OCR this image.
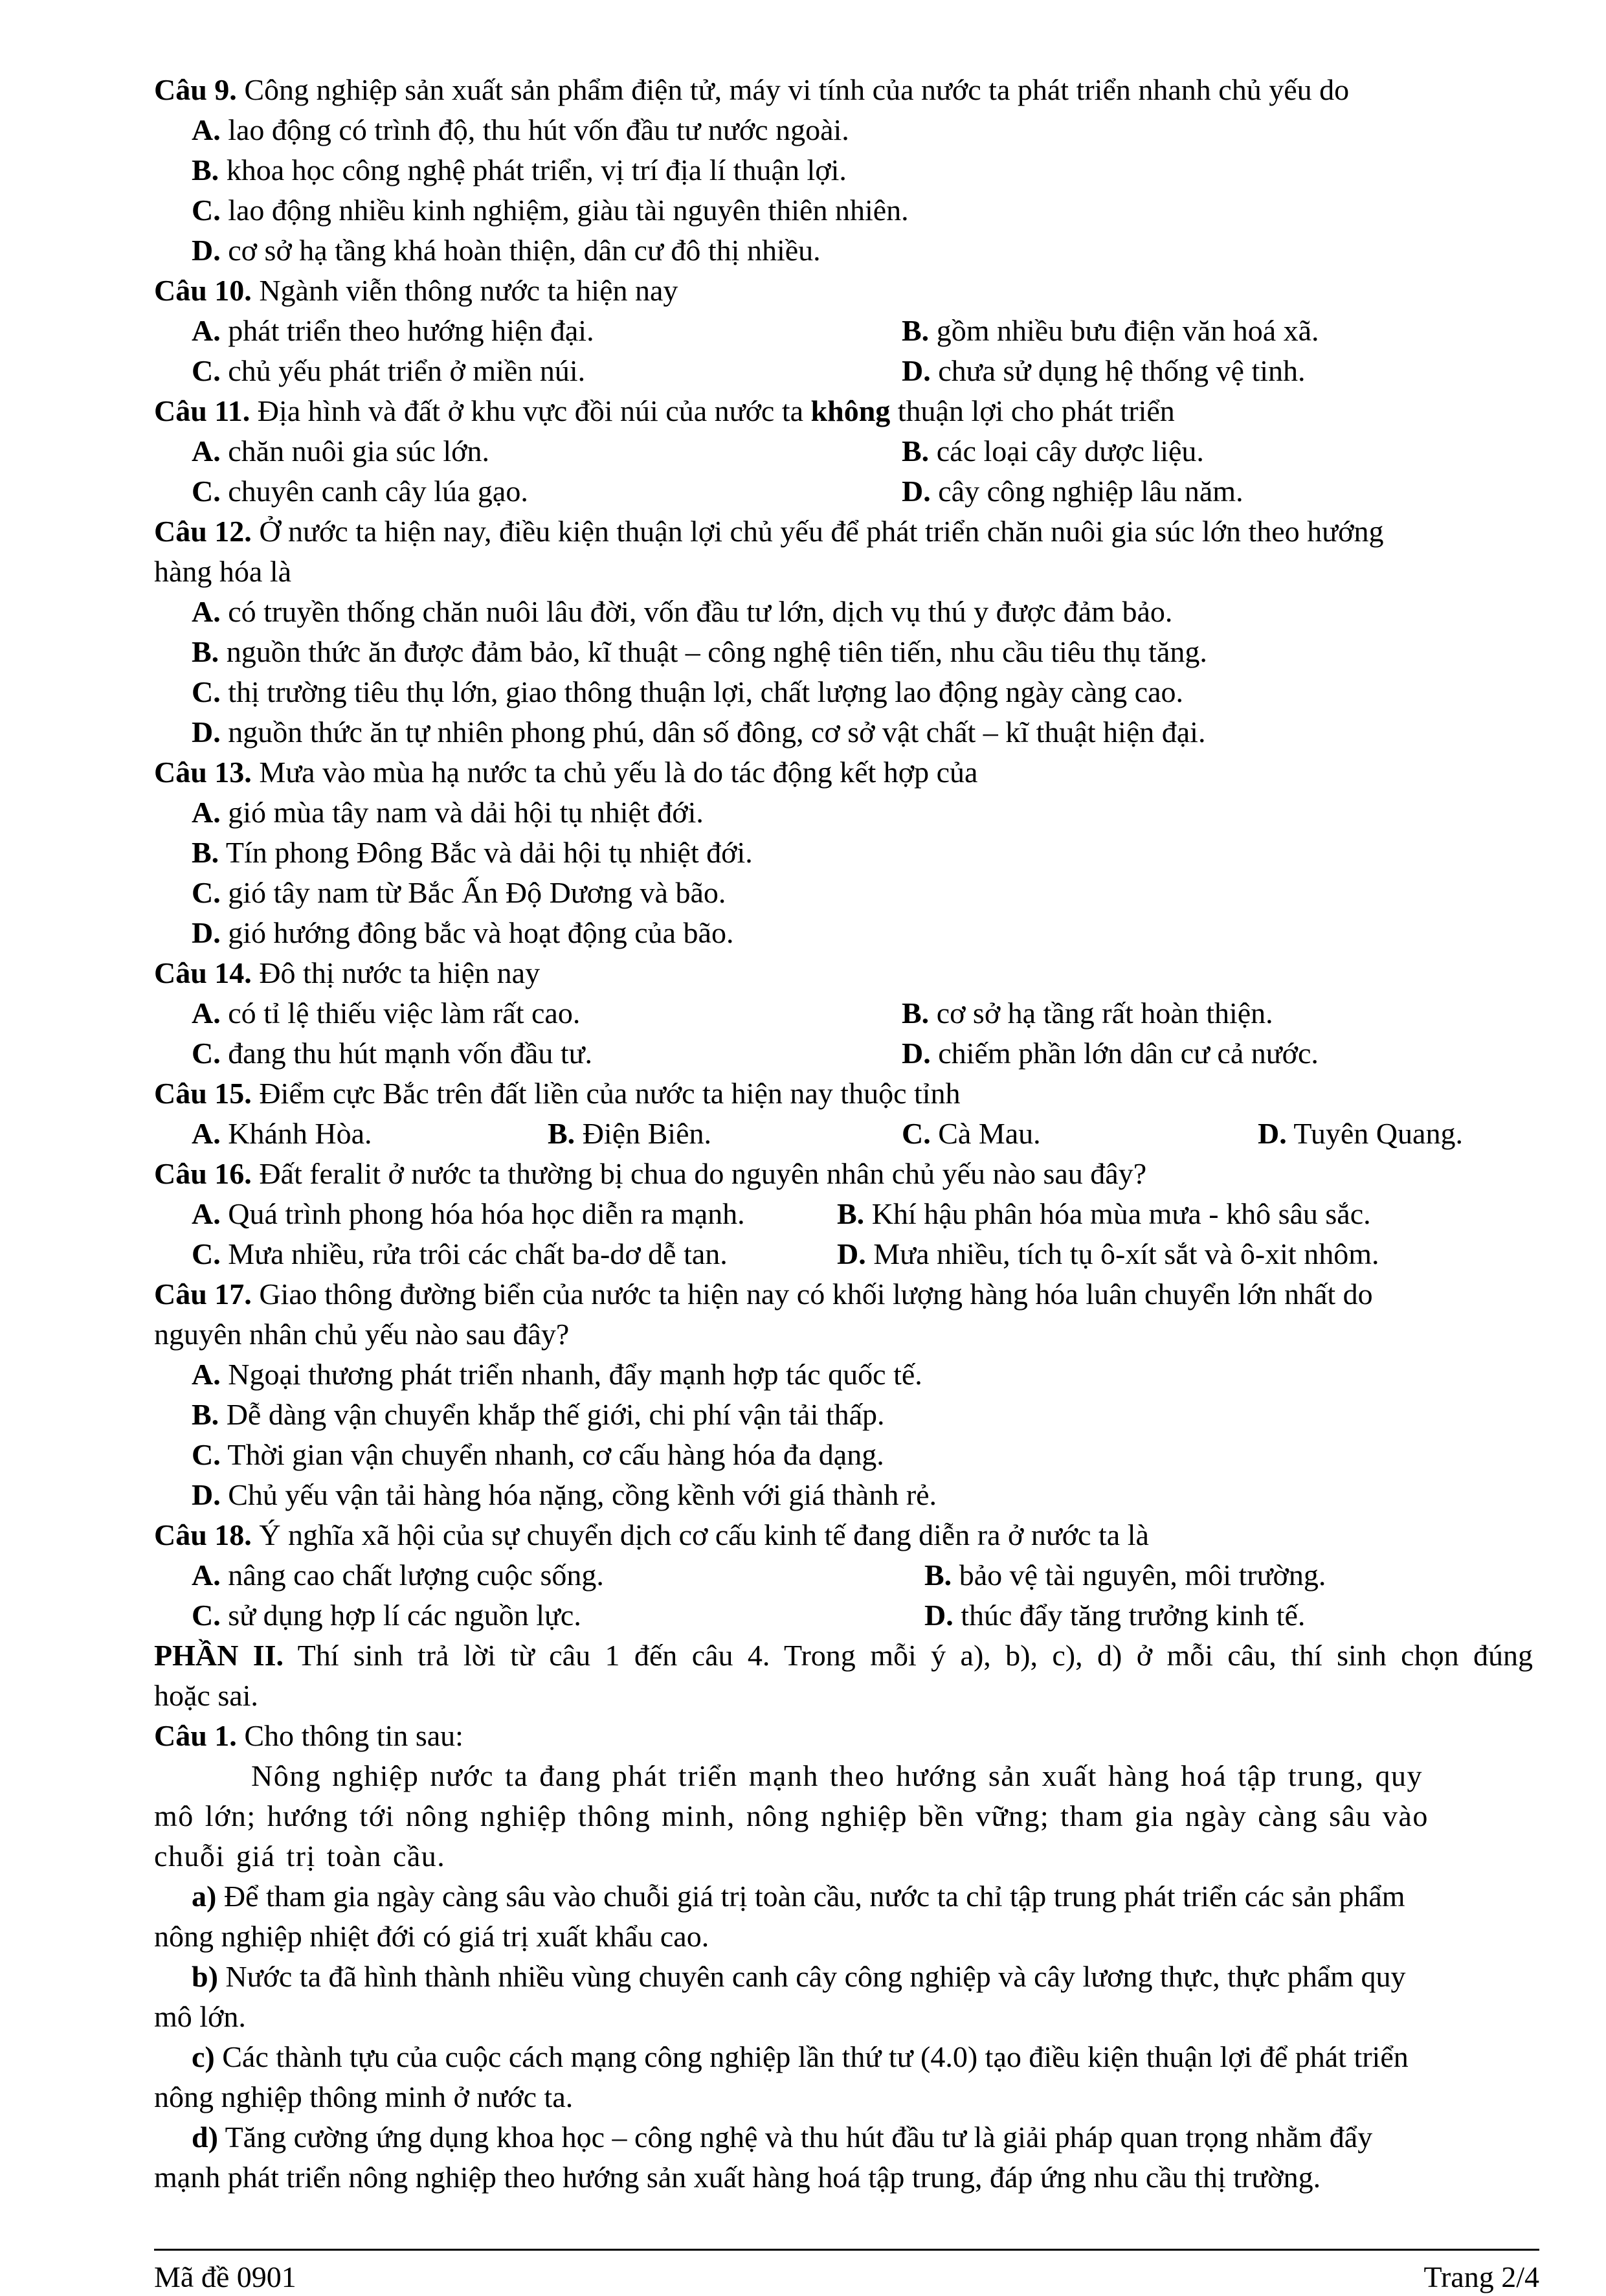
Câu 9. Công nghiệp sản xuất sản phẩm điện tử, máy vi tính của nước ta phát triển nhanh chủ yếu do
A. lao động có trình độ, thu hút vốn đầu tư nước ngoài.
B. khoa học công nghệ phát triển, vị trí địa lí thuận lợi.
C. lao động nhiều kinh nghiệm, giàu tài nguyên thiên nhiên.
D. cơ sở hạ tầng khá hoàn thiện, dân cư đô thị nhiều.
Câu 10. Ngành viễn thông nước ta hiện nay
A. phát triển theo hướng hiện đại.	B. gồm nhiều bưu điện văn hoá xã.
C. chủ yếu phát triển ở miền núi.	D. chưa sử dụng hệ thống vệ tinh.
Câu 11. Địa hình và đất ở khu vực đồi núi của nước ta không thuận lợi cho phát triển
A. chăn nuôi gia súc lớn.	B. các loại cây dược liệu.
C. chuyên canh cây lúa gạo.	D. cây công nghiệp lâu năm.
Câu 12. Ở nước ta hiện nay, điều kiện thuận lợi chủ yếu để phát triển chăn nuôi gia súc lớn theo hướng
hàng hóa là
A. có truyền thống chăn nuôi lâu đời, vốn đầu tư lớn, dịch vụ thú y được đảm bảo.
B. nguồn thức ăn được đảm bảo, kĩ thuật – công nghệ tiên tiến, nhu cầu tiêu thụ tăng.
C. thị trường tiêu thụ lớn, giao thông thuận lợi, chất lượng lao động ngày càng cao.
D. nguồn thức ăn tự nhiên phong phú, dân số đông, cơ sở vật chất – kĩ thuật hiện đại.
Câu 13. Mưa vào mùa hạ nước ta chủ yếu là do tác động kết hợp của
A. gió mùa tây nam và dải hội tụ nhiệt đới.
B. Tín phong Đông Bắc và dải hội tụ nhiệt đới.
C. gió tây nam từ Bắc Ấn Độ Dương và bão.
D. gió hướng đông bắc và hoạt động của bão.
Câu 14. Đô thị nước ta hiện nay
A. có tỉ lệ thiếu việc làm rất cao.	B. cơ sở hạ tầng rất hoàn thiện.
C. đang thu hút mạnh vốn đầu tư.	D. chiếm phần lớn dân cư cả nước.
Câu 15. Điểm cực Bắc trên đất liền của nước ta hiện nay thuộc tỉnh
A. Khánh Hòa.	B. Điện Biên.	C. Cà Mau.	D. Tuyên Quang.
Câu 16. Đất feralit ở nước ta thường bị chua do nguyên nhân chủ yếu nào sau đây?
A. Quá trình phong hóa hóa học diễn ra mạnh.	B. Khí hậu phân hóa mùa mưa - khô sâu sắc.
C. Mưa nhiều, rửa trôi các chất ba-dơ dễ tan.	D. Mưa nhiều, tích tụ ô-xít sắt và ô-xit nhôm.
Câu 17. Giao thông đường biển của nước ta hiện nay có khối lượng hàng hóa luân chuyển lớn nhất do
nguyên nhân chủ yếu nào sau đây?
A. Ngoại thương phát triển nhanh, đẩy mạnh hợp tác quốc tế.
B. Dễ dàng vận chuyển khắp thế giới, chi phí vận tải thấp.
C. Thời gian vận chuyển nhanh, cơ cấu hàng hóa đa dạng.
D. Chủ yếu vận tải hàng hóa nặng, cồng kềnh với giá thành rẻ.
Câu 18. Ý nghĩa xã hội của sự chuyển dịch cơ cấu kinh tế đang diễn ra ở nước ta là
A. nâng cao chất lượng cuộc sống.	B. bảo vệ tài nguyên, môi trường.
C. sử dụng hợp lí các nguồn lực.	D. thúc đẩy tăng trưởng kinh tế.
PHẦN II. Thí sinh trả lời từ câu 1 đến câu 4. Trong mỗi ý a), b), c), d) ở mỗi câu, thí sinh chọn đúng
hoặc sai.
Câu 1. Cho thông tin sau:
Nông nghiệp nước ta đang phát triển mạnh theo hướng sản xuất hàng hoá tập trung, quy
mô lớn; hướng tới nông nghiệp thông minh, nông nghiệp bền vững; tham gia ngày càng sâu vào
chuỗi giá trị toàn cầu.
a) Để tham gia ngày càng sâu vào chuỗi giá trị toàn cầu, nước ta chỉ tập trung phát triển các sản phẩm
nông nghiệp nhiệt đới có giá trị xuất khẩu cao.
b) Nước ta đã hình thành nhiều vùng chuyên canh cây công nghiệp và cây lương thực, thực phẩm quy
mô lớn.
c) Các thành tựu của cuộc cách mạng công nghiệp lần thứ tư (4.0) tạo điều kiện thuận lợi để phát triển
nông nghiệp thông minh ở nước ta.
d) Tăng cường ứng dụng khoa học – công nghệ và thu hút đầu tư là giải pháp quan trọng nhằm đẩy
mạnh phát triển nông nghiệp theo hướng sản xuất hàng hoá tập trung, đáp ứng nhu cầu thị trường.
Mã đề 0901	Trang 2/4
